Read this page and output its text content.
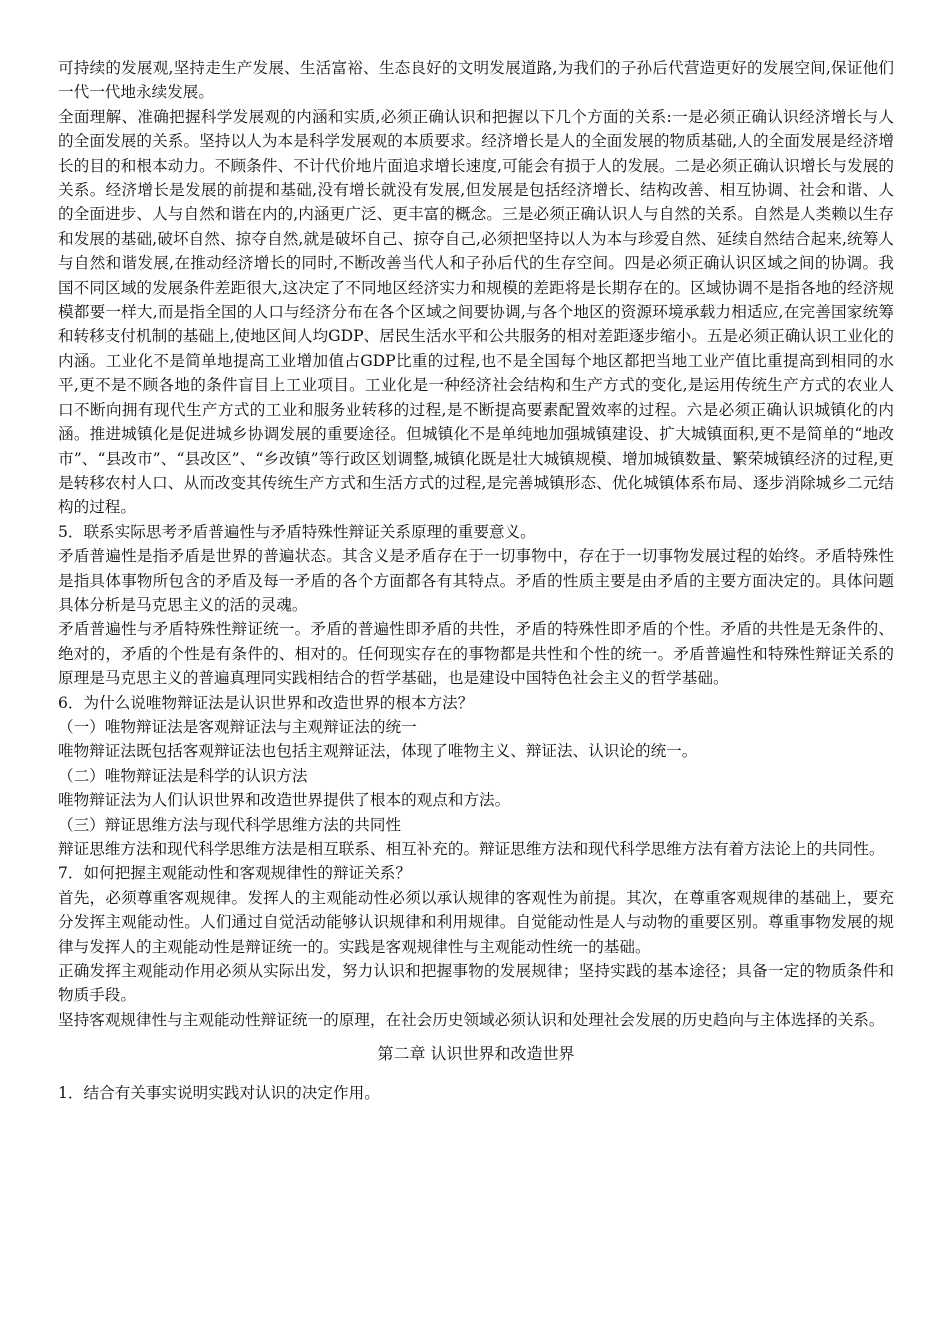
可持续的发展观,坚持走生产发展、生活富裕、生态良好的文明发展道路,为我们的子孙后代营造更好的发展空间,保证他们一代一代地永续发展。

全面理解、准确把握科学发展观的内涵和实质,必须正确认识和把握以下几个方面的关系:一是必须正确认识经济增长与人的全面发展的关系。坚持以人为本是科学发展观的本质要求。经济增长是人的全面发展的物质基础,人的全面发展是经济增长的目的和根本动力。不顾条件、不计代价地片面追求增长速度,可能会有损于人的发展。二是必须正确认识增长与发展的关系。经济增长是发展的前提和基础,没有增长就没有发展,但发展是包括经济增长、结构改善、相互协调、社会和谐、人的全面进步、人与自然和谐在内的,内涵更广泛、更丰富的概念。三是必须正确认识人与自然的关系。自然是人类赖以生存和发展的基础,破坏自然、掠夺自然,就是破坏自己、掠夺自己,必须把坚持以人为本与珍爱自然、延续自然结合起来,统筹人与自然和谐发展,在推动经济增长的同时,不断改善当代人和子孙后代的生存空间。四是必须正确认识区域之间的协调。我国不同区域的发展条件差距很大,这决定了不同地区经济实力和规模的差距将是长期存在的。区域协调不是指各地的经济规模都要一样大,而是指全国的人口与经济分布在各个区域之间要协调,与各个地区的资源环境承载力相适应,在完善国家统筹和转移支付机制的基础上,使地区间人均GDP、居民生活水平和公共服务的相对差距逐步缩小。五是必须正确认识工业化的内涵。工业化不是简单地提高工业增加值占GDP比重的过程,也不是全国每个地区都把当地工业产值比重提高到相同的水平,更不是不顾各地的条件盲目上工业项目。工业化是一种经济社会结构和生产方式的变化,是运用传统生产方式的农业人口不断向拥有现代生产方式的工业和服务业转移的过程,是不断提高要素配置效率的过程。六是必须正确认识城镇化的内涵。推进城镇化是促进城乡协调发展的重要途径。但城镇化不是单纯地加强城镇建设、扩大城镇面积,更不是简单的“地改市”、“县改市”、“县改区”、“乡改镇”等行政区划调整,城镇化既是壮大城镇规模、增加城镇数量、繁荣城镇经济的过程,更是转移农村人口、从而改变其传统生产方式和生活方式的过程,是完善城镇形态、优化城镇体系布局、逐步消除城乡二元结构的过程。

5．联系实际思考矛盾普遍性与矛盾特殊性辩证关系原理的重要意义。

矛盾普遍性是指矛盾是世界的普遍状态。其含义是矛盾存在于一切事物中，存在于一切事物发展过程的始终。矛盾特殊性是指具体事物所包含的矛盾及每一矛盾的各个方面都各有其特点。矛盾的性质主要是由矛盾的主要方面决定的。具体问题具体分析是马克思主义的活的灵魂。

矛盾普遍性与矛盾特殊性辩证统一。矛盾的普遍性即矛盾的共性，矛盾的特殊性即矛盾的个性。矛盾的共性是无条件的、绝对的，矛盾的个性是有条件的、相对的。任何现实存在的事物都是共性和个性的统一。矛盾普遍性和特殊性辩证关系的原理是马克思主义的普遍真理同实践相结合的哲学基础，也是建设中国特色社会主义的哲学基础。

6．为什么说唯物辩证法是认识世界和改造世界的根本方法？

（一）唯物辩证法是客观辩证法与主观辩证法的统一

唯物辩证法既包括客观辩证法也包括主观辩证法，体现了唯物主义、辩证法、认识论的统一。

（二）唯物辩证法是科学的认识方法

唯物辩证法为人们认识世界和改造世界提供了根本的观点和方法。

（三）辩证思维方法与现代科学思维方法的共同性

辩证思维方法和现代科学思维方法是相互联系、相互补充的。辩证思维方法和现代科学思维方法有着方法论上的共同性。

7．如何把握主观能动性和客观规律性的辩证关系？

首先，必须尊重客观规律。发挥人的主观能动性必须以承认规律的客观性为前提。其次，在尊重客观规律的基础上，要充分发挥主观能动性。人们通过自觉活动能够认识规律和利用规律。自觉能动性是人与动物的重要区别。尊重事物发展的规律与发挥人的主观能动性是辩证统一的。实践是客观规律性与主观能动性统一的基础。

正确发挥主观能动作用必须从实际出发，努力认识和把握事物的发展规律；坚持实践的基本途径；具备一定的物质条件和物质手段。

坚持客观规律性与主观能动性辩证统一的原理，在社会历史领域必须认识和处理社会发展的历史趋向与主体选择的关系。

第二章 认识世界和改造世界

1．结合有关事实说明实践对认识的决定作用。
